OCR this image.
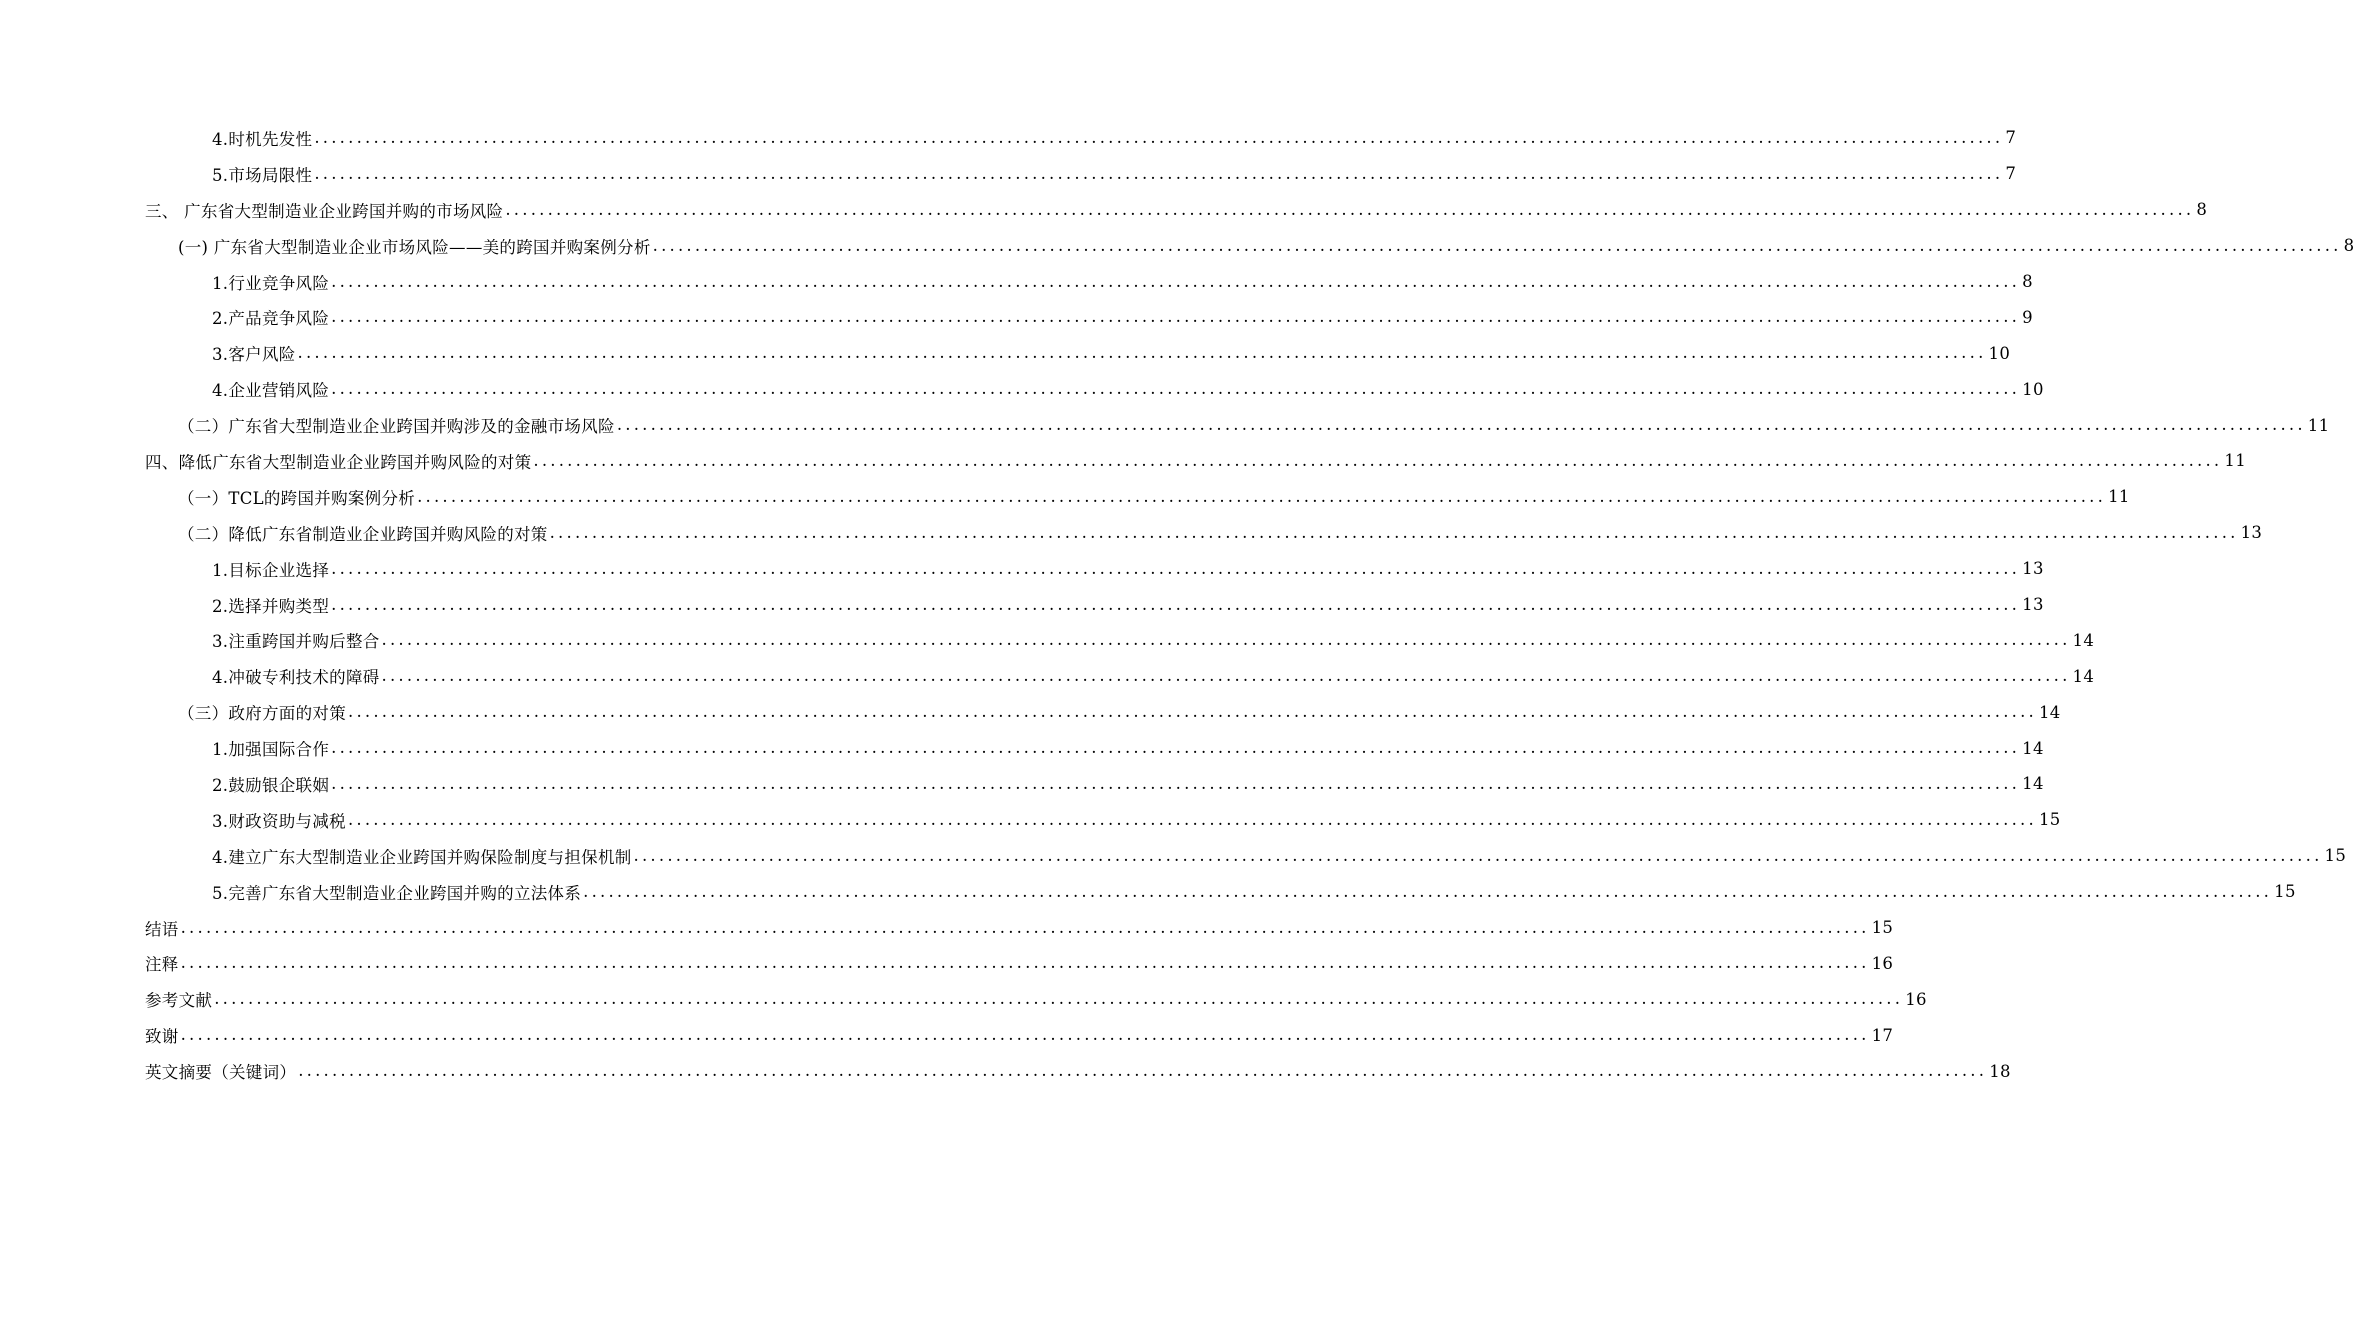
4.时机先发性 ........................................................................................................................................................................................................ 7
5.市场局限性 ........................................................................................................................................................................................................ 7
三、 广东省大型制造业企业跨国并购的市场风险 ........................................................................................................................................................................................................ 8
(一) 广东省大型制造业企业市场风险——美的跨国并购案例分析 ........................................................................................................................................................................................................ 8
1.行业竞争风险 ........................................................................................................................................................................................................ 8
2.产品竞争风险 ........................................................................................................................................................................................................ 9
3.客户风险 ........................................................................................................................................................................................................ 10
4.企业营销风险 ........................................................................................................................................................................................................ 10
（二）广东省大型制造业企业跨国并购涉及的金融市场风险 ........................................................................................................................................................................................................ 11
四、降低广东省大型制造业企业跨国并购风险的对策 ........................................................................................................................................................................................................ 11
（一）TCL的跨国并购案例分析 ........................................................................................................................................................................................................ 11
（二）降低广东省制造业企业跨国并购风险的对策 ........................................................................................................................................................................................................ 13
1.目标企业选择 ........................................................................................................................................................................................................ 13
2.选择并购类型 ........................................................................................................................................................................................................ 13
3.注重跨国并购后整合 ........................................................................................................................................................................................................ 14
4.冲破专利技术的障碍 ........................................................................................................................................................................................................ 14
（三）政府方面的对策 ........................................................................................................................................................................................................ 14
1.加强国际合作 ........................................................................................................................................................................................................ 14
2.鼓励银企联姻 ........................................................................................................................................................................................................ 14
3.财政资助与减税 ........................................................................................................................................................................................................ 15
4.建立广东大型制造业企业跨国并购保险制度与担保机制 ........................................................................................................................................................................................................ 15
5.完善广东省大型制造业企业跨国并购的立法体系 ........................................................................................................................................................................................................ 15
结语 ........................................................................................................................................................................................................ 15
注释 ........................................................................................................................................................................................................ 16
参考文献 ........................................................................................................................................................................................................ 16
致谢 ........................................................................................................................................................................................................ 17
英文摘要（关键词） ........................................................................................................................................................................................................ 18
